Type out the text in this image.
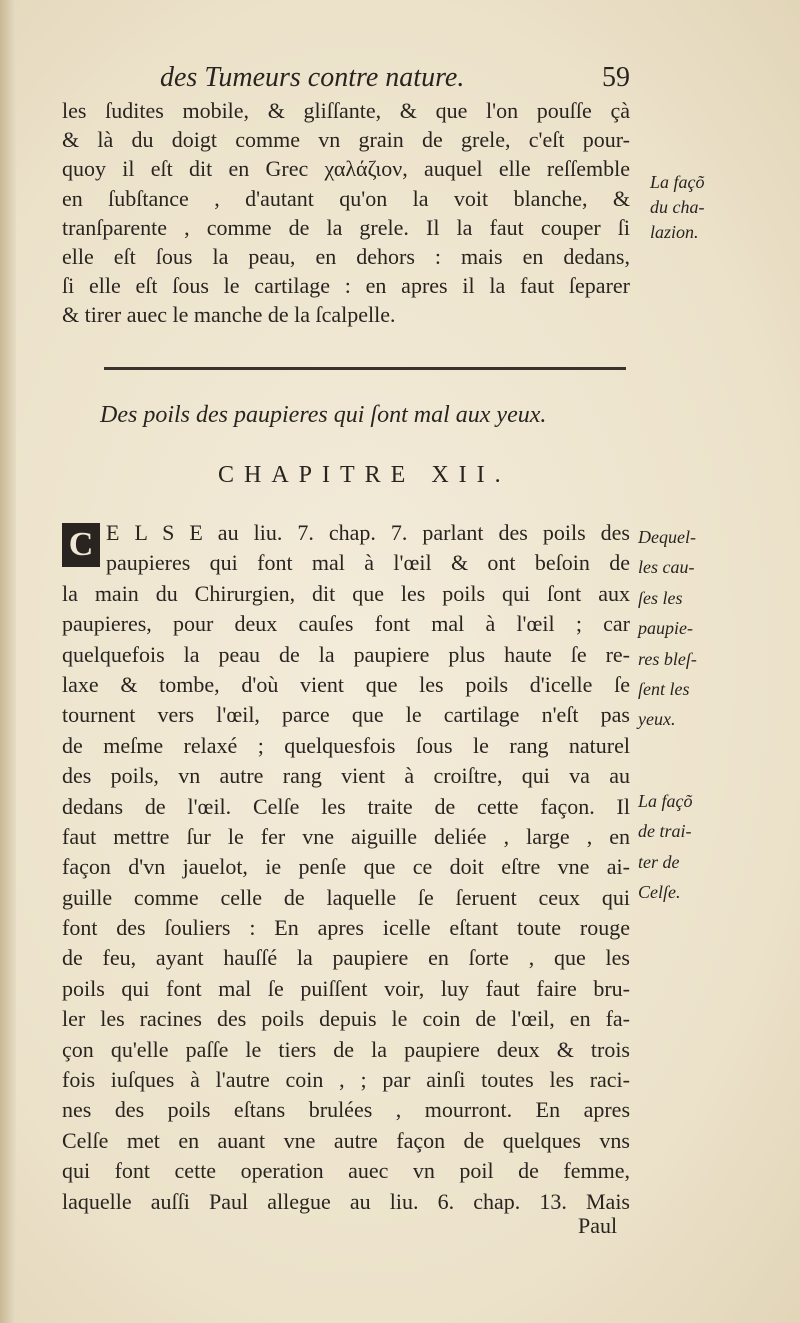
des Tumeurs contre nature.	59
les ſudites mobile, & gliſſante, & que l'on pouſſe çà
& là du doigt comme vn grain de grele, c'eſt pour-
quoy il eſt dit en Grec χαλάζιον, auquel elle reſſemble
en ſubſtance , d'autant qu'on la voit blanche, &
tranſparente , comme de la grele. Il la faut couper ſi
elle eſt ſous la peau, en dehors : mais en dedans,
ſi elle eſt ſous le cartilage : en apres il la faut ſeparer
& tirer auec le manche de la ſcalpelle.
La façõ
du cha-
lazion.
Des poils des paupieres qui ſont mal aux yeux.
CHAPITRE XII.
C E L S E au liu. 7. chap. 7. parlant des poils des
paupieres qui font mal à l'œil & ont beſoin de
la main du Chirurgien, dit que les poils qui ſont aux
paupieres, pour deux cauſes font mal à l'œil ; car
quelquefois la peau de la paupiere plus haute ſe re-
laxe & tombe, d'où vient que les poils d'icelle ſe
tournent vers l'œil, parce que le cartilage n'eſt pas
de meſme relaxé ; quelquesfois ſous le rang naturel
des poils, vn autre rang vient à croiſtre, qui va au
dedans de l'œil. Celſe les traite de cette façon. Il
faut mettre ſur le fer vne aiguille deliée , large , en
façon d'vn jauelot, ie penſe que ce doit eſtre vne ai-
guille comme celle de laquelle ſe ſeruent ceux qui
font des ſouliers : En apres icelle eſtant toute rouge
de feu, ayant hauſſé la paupiere en ſorte , que les
poils qui font mal ſe puiſſent voir, luy faut faire bru-
ler les racines des poils depuis le coin de l'œil, en fa-
çon qu'elle paſſe le tiers de la paupiere deux & trois
fois iuſques à l'autre coin , ; par ainſi toutes les raci-
nes des poils eſtans brulées , mourront. En apres
Celſe met en auant vne autre façon de quelques vns
qui font cette operation auec vn poil de femme,
laquelle auſſi Paul allegue au liu. 6. chap. 13. Mais
Dequel-
les cau-
ſes les
paupie-
res bleſ-
ſent les
yeux.
La façõ
de trai-
ter de
Celſe.
Paul
